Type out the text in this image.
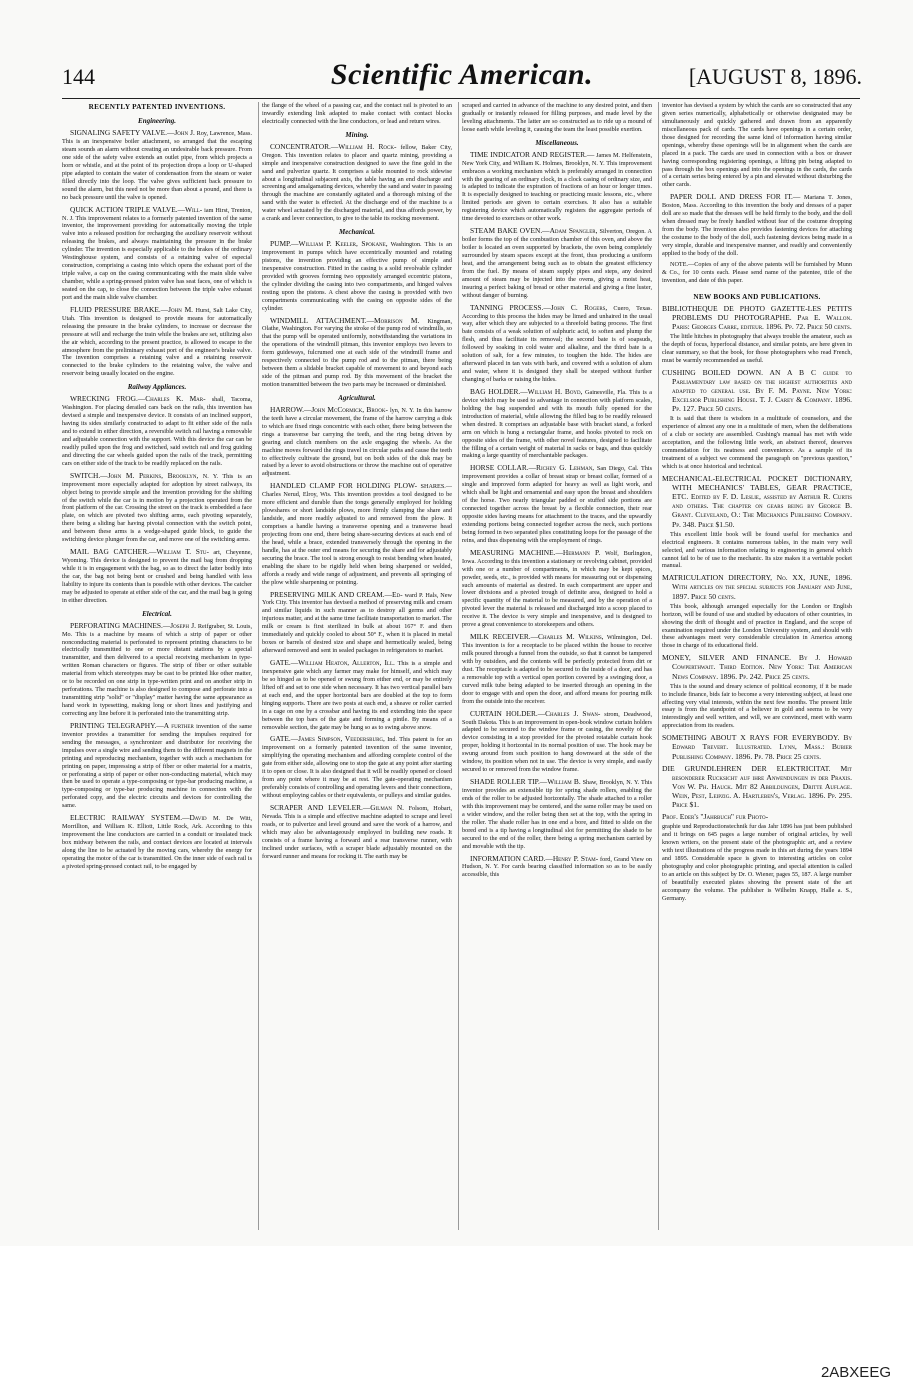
144	Scientific American.	[AUGUST 8, 1896.
RECENTLY PATENTED INVENTIONS.
Engineering.

SIGNALING SAFETY VALVE.—John J. Roy, Lawrence, Mass. This is an inexpensive boiler attachment, so arranged that the escaping steam sounds an alarm without creating an undesirable back pressure. From one side of the safety valve extends an outlet pipe, from which projects a horn or whistle, and at the point of its projection drops a loop or U-shaped pipe adapted to contain the water of condensation from the steam or water filled directly into the loop. The valve gives sufficient back pressure to sound the alarm, but this need not be more than about a pound, and there is no back pressure until the valve is opened.

QUICK ACTION TRIPLE VALVE.—Will- iam Hirst, Trenton, N. J. This improvement relates to a formerly patented invention of the same inventor, the improvement providing for automatically moving the triple valve into a released position for recharging the auxiliary reservoir without releasing the brakes, and always maintaining the pressure in the brake cylinder. The invention is especially applicable to the brakes of the ordinary Westinghouse system, and consists of a retaining valve of especial construction, comprising a casing into which opens the exhaust port of the triple valve, a cap on the casing communicating with the main slide valve chamber, while a spring-pressed piston valve has seat faces, one of which is seated on the cap, to close the connection between the triple valve exhaust port and the main slide valve chamber.

FLUID PRESSURE BRAKE.—John M. Hurst, Salt Lake City, Utah. This invention is designed to provide means for automatically releasing the pressure in the brake cylinders, to increase or decrease the pressure at will and recharge the train while the brakes are set, utilizing also the air which, according to the present practice, is allowed to escape to the atmosphere from the preliminary exhaust port of the engineer's brake valve. The invention comprises a retaining valve and a retaining reservoir connected to the brake cylinders to the retaining valve, the valve and reservoir being usually located on the engine.

Railway Appliances.

WRECKING FROG.—Charles K. Mar- shall, Tacoma, Washington. For placing derailed cars back on the rails, this invention has devised a simple and inexpensive device. It consists of an inclined support, having its sides similarly constructed to adapt to fit either side of the rails and to extend in either direction, a reversible switch rail having a removable and adjustable connection with the support. With this device the car can be readily pulled upon the frog and switched, said switch rail and frog guiding and directing the car wheels guided upon the rails of the track, permitting cars on either side of the track to be readily replaced on the rails.

SWITCH.—John M. Perkins, Brooklyn, N. Y. This is an improvement more especially adapted for adoption by street railways, its object being to provide simple and the invention providing for the shifting of the switch while the car is in motion by a projection operated from the front platform of the car. Crossing the street on the track is embedded a face plate, on which are pivoted two shifting arms, each pivoting separately, there being a sliding bar having pivotal connection with the switch point, and between these arms is a wedge-shaped guide block, to guide the switching device plunger from the car, and move one of the switching arms.

MAIL BAG CATCHER.—William T. Stu- art, Cheyenne, Wyoming. This device is designed to prevent the mail bag from dropping while it is in engagement with the bag, so as to direct the latter bodily into the car, the bag not being bent or crushed and being handled with less liability to injure its contents than is possible with other devices. The catcher may be adjusted to operate at either side of the car, and the mail bag is going in either direction.

Electrical.

PERFORATING MACHINES.—Joseph J. Reifgraber, St. Louis, Mo. This is a machine by means of which a strip of paper or other nonconducting material is perforated to represent printing characters to be electrically transmitted to one or more distant stations by a special transmitter, and then delivered to a special receiving mechanism in type-written Roman characters or figures. The strip of fiber or other suitable material from which stereotypes may be cast to be printed like other matter, or to be recorded on one strip in type-written print and on another strip in perforations. The machine is also designed to compose and perforate into a transmitting strip "solid" or "display" matter having the same appearance as hand work in typesetting, making long or short lines and justifying and correcting any line before it is perforated into the transmitting strip.

PRINTING TELEGRAPHY.—A further invention of the same inventor provides a transmitter for sending the impulses required for sending the messages, a synchronizer and distributor for receiving the impulses over a single wire and sending them to the different magnets in the printing and reproducing mechanism, together with such a mechanism for printing on paper, impressing a strip of fiber or other material for a matrix, or perforating a strip of paper or other non-conducting material, which may then be used to operate a type-composing or type-bar producing machine, a type-composing or type-bar producing machine in connection with the perforated copy, and the electric circuits and devices for controlling the same.

ELECTRIC RAILWAY SYSTEM.—David M. De Witt, Morrillton, and William K. Elliott, Little Rock, Ark. According to this improvement the line conductors are carried in a conduit or insulated track box midway between the rails, and contact devices are located at intervals along the line to be actuated by the moving cars, whereby the energy for operating the motor of the car is transmitted. On the inner side of each rail is a pivoted spring-pressed contact rail, to be engaged by

the flange of the wheel of a passing car, and the contact rail is pivoted to an inwardly extending link adapted to make contact with contact blocks electrically connected with the line conductors, or lead and return wires.

Mining.

CONCENTRATOR.—William H. Rock- fellow, Baker City, Oregon. This invention relates to placer and quartz mining, providing a simple and inexpensive construction designed to save the fine gold in the sand and pulverize quartz. It comprises a table mounted to rock sidewise about a longitudinal subjacent axis, the table having an end discharge and screening and amalgamating devices, whereby the sand and water in passing through the machine are constantly agitated and a thorough mixing of the sand with the water is effected. At the discharge end of the machine is a water wheel actuated by the discharged material, and thus affords power, by a crank and lever connection, to give to the table its rocking movement.

Mechanical.

PUMP.—William P. Keeler, Spokane, Washington. This is an improvement in pumps which have eccentrically mounted and rotating pistons, the invention providing an effective pump of simple and inexpensive construction. Fitted in the casing is a solid revolvable cylinder provided with grooves forming two oppositely arranged eccentric pistons, the cylinder dividing the casing into two compartments, and hinged valves resting upon the pistons. A chest above the casing is provided with two compartments communicating with the casing on opposite sides of the cylinder.

WINDMILL ATTACHMENT.—Morrison M. Kingman, Olathe, Washington. For varying the stroke of the pump rod of windmills, so that the pump will be operated uniformly, notwithstanding the variations in the operations of the windmill pitman, this inventor employs two levers to form guideways, fulcrumed one at each side of the windmill frame and respectively connected to the pump rod and to the pitman, there being between them a slidable bracket capable of movement to and beyond each side of the pitman and pump rod. By this movement of the bracket the motion transmitted between the two parts may be increased or diminished.

Agricultural.

HARROW.—John McCormick, Brook- lyn, N. Y. In this harrow the teeth have a circular movement, the frame of the harrow carrying a disk to which are fixed rings concentric with each other, there being between the rings a transverse bar carrying the teeth, and the ring being driven by gearing and clutch members on the axle engaging the wheels. As the machine moves forward the rings travel in circular paths and cause the teeth to effectively cultivate the ground, but on both sides of the disk may be raised by a lever to avoid obstructions or throw the machine out of operative adjustment.

HANDLED CLAMP FOR HOLDING PLOW- SHARES.—Charles Nerud, Elroy, Wis. This invention provides a tool designed to be more efficient and durable than the tongs generally employed for holding plowshares or short landside plows, more firmly clamping the share and landside, and more readily adjusted to and removed from the plow. It comprises a handle having a transverse opening and a transverse head projecting from one end, there being share-securing devices at each end of the head, while a brace, extended transversely through the opening in the handle, has at the outer end means for securing the share and for adjustably securing the brace. The tool is strong enough to resist bending when heated, enabling the share to be rigidly held when being sharpened or welded, affords a ready and wide range of adjustment, and prevents all springing of the plow while sharpening or pointing.

PRESERVING MILK AND CREAM.—Ed- ward P. Hals, New York City. This inventor has devised a method of preserving milk and cream and similar liquids in such manner as to destroy all germs and other injurious matter, and at the same time facilitate transportation to market. The milk or cream is first sterilized in bulk at about 167° F. and then immediately and quickly cooled to about 50° F., when it is placed in metal boxes or barrels of desired size and shape and hermetically sealed, being afterward removed and sent in sealed packages in refrigerators to market.

GATE.—William Heaton, Allerton, Ill. This is a simple and inexpensive gate which any farmer may make for himself, and which may be so hinged as to be opened or swung from either end, or may be entirely lifted off and set to one side when necessary. It has two vertical parallel bars at each end, and the upper horizontal bars are doubled at the top to form hinging supports. There are two posts at each end, a sheave or roller carried in a cage on one by a crossbar and having its end extending into the space between the top bars of the gate and forming a pintle. By means of a removable section, the gate may be hung so as to swing above snow.

GATE.—James Simpson, Veedersburg, Ind. This patent is for an improvement on a formerly patented invention of the same inventor, simplifying the operating mechanism and affording complete control of the gate from either side, allowing one to stop the gate at any point after starting it to open or close. It is also designed that it will be readily opened or closed from any point where it may be at rest. The gate-operating mechanism preferably consists of controlling and operating levers and their connections, without employing cables or their equivalents, or pulleys and similar guides.

SCRAPER AND LEVELER.—Gilman N. Folsom, Hobart, Nevada. This is a simple and effective machine adapted to scrape and level roads, or to pulverize and level ground and save the work of a harrow, and which may also be advantageously employed in building new roads. It consists of a frame having a forward and a rear transverse runner, with inclined under surfaces, with a scraper blade adjustably mounted on the forward runner and means for rocking it. The earth may be

scraped and carried in advance of the machine to any desired point, and then gradually or instantly released for filling purposes, and made level by the leveling attachments. The latter are so constructed as to ride up a mound of loose earth while leveling it, causing the team the least possible exertion.

Miscellaneous.

TIME INDICATOR AND REGISTER.— James M. Helfenstein, New York City, and William K. Holmes, Brooklyn, N. Y. This improvement embraces a working mechanism which is preferably arranged in connection with the gearing of an ordinary clock, in a clock casing of ordinary size, and is adapted to indicate the expiration of fractions of an hour or longer times. It is especially designed to teaching or practicing music lessons, etc., where limited periods are given to certain exercises. It also has a suitable registering device which automatically registers the aggregate periods of time devoted to exercises or other work.

STEAM BAKE OVEN.—Adam Spangler, Silverton, Oregon. A boiler forms the top of the combustion chamber of this oven, and above the boiler is located an oven supported by brackets, the oven being completely surrounded by steam spaces except at the front, thus producing a uniform heat, and the arrangement being such as to obtain the greatest efficiency from the fuel. By means of steam supply pipes and steps, any desired amount of steam may be injected into the ovens, giving a moist heat, insuring a perfect baking of bread or other material and giving a fine luster, without danger of burning.

TANNING PROCESS.—John C. Rogers, Cuero, Texas. According to this process the hides may be limed and unhaired in the usual way, after which they are subjected to a threefold bating process. The first bate consists of a weak solution of sulphuric acid, to soften and plump the flesh, and thus facilitate its removal; the second bate is of soapsuds, followed by soaking in cold water and alkaline, and the third bate is a solution of salt, for a few minutes, to toughen the hide. The hides are afterward placed in tan vats with bark, and covered with a solution of alum and water, where it is designed they shall be steeped without further changing of barks or raising the hides.

BAG HOLDER.—William H. Boyd, Gainesville, Fla. This is a device which may be used to advantage in connection with platform scales, holding the bag suspended and with its mouth fully opened for the introduction of material, while allowing the filled bag to be readily released when desired. It comprises an adjustable base with bracket stand, a forked arm on which is hung a rectangular frame, and hooks pivoted to rock on opposite sides of the frame, with other novel features, designed to facilitate the filling of a certain weight of material in sacks or bags, and thus quickly making a large quantity of merchantable packages.

HORSE COLLAR.—Richey G. Lehman, San Diego, Cal. This improvement provides a collar of breast strap or breast collar, formed of a single and improved form adapted for heavy as well as light work, and which shall be light and ornamental and easy upon the breast and shoulders of the horse. Two nearly triangular padded or stuffed side portions are connected together across the breast by a flexible connection, their rear opposite sides having means for attachment to the traces, and the upwardly extending portions being connected together across the neck, such portions being formed in two separated plies constituting loops for the passage of the reins, and thus dispensing with the employment of rings.

MEASURING MACHINE.—Hermann P. Wolf, Burlington, Iowa. According to this invention a stationary or revolving cabinet, provided with one or a number of compartments, in which may be kept spices, powder, seeds, etc., is provided with means for measuring out or dispensing such amounts of material as desired. In each compartment are upper and lower divisions and a pivoted trough of definite area, designed to hold a specific quantity of the material to be measured, and by the operation of a pivoted lever the material is released and discharged into a scoop placed to receive it. The device is very simple and inexpensive, and is designed to prove a great convenience to storekeepers and others.

MILK RECEIVER.—Charles M. Wilkins, Wilmington, Del. This invention is for a receptacle to be placed within the house to receive milk poured through a funnel from the outside, so that it cannot be tampered with by outsiders, and the contents will be perfectly protected from dirt or dust. The receptacle is adapted to be secured to the inside of a door, and has a removable top with a vertical open portion covered by a swinging door, a curved milk tube being adapted to be inserted through an opening in the door to engage with and open the door, and afford means for pouring milk from the outside into the receiver.

CURTAIN HOLDER.—Charles J. Swan- strom, Deadwood, South Dakota. This is an improvement in open-book window curtain holders adapted to be secured to the window frame or casing, the novelty of the device consisting in a stop provided for the pivoted rotatable curtain hook proper, holding it horizontal in its normal position of use. The hook may be swung around from such position to hang downward at the side of the window, its position when not in use. The device is very simple, and easily secured to or removed from the window frame.

SHADE ROLLER TIP.—William B. Shaw, Brooklyn, N. Y. This inventor provides an extensible tip for spring shade rollers, enabling the ends of the roller to be adjusted horizontally. The shade attached to a roller with this improvement may be centered, and the same roller may be used on a wider window, and the roller being then set at the top, with the spring in the roller. The shade roller has in one end a bore, and fitted to slide on the bored end is a tip having a longitudinal slot for permitting the shade to be secured to the end of the roller, there being a spring mechanism carried by and movable with the tip.

INFORMATION CARD.—Henry P. Stam- ford, Grand View on Hudson, N. Y. For cards bearing classified information so as to be easily accessible, this

inventor has devised a system by which the cards are so constructed that any given series numerically, alphabetically or otherwise designated may be simultaneously and quickly gathered and drawn from an apparently miscellaneous pack of cards. The cards have openings in a certain order, those designed for recording the same kind of information having similar openings, whereby these openings will be in alignment when the cards are placed in a pack. The cards are used in connection with a box or drawer having corresponding registering openings, a lifting pin being adapted to pass through the box openings and into the openings in the cards, the cards of a certain series being entered by a pin and elevated without disturbing the other cards.

PAPER DOLL AND DRESS FOR IT.— Mariana T. Jones, Boston, Mass. According to this invention the body and dresses of a paper doll are so made that the dresses will be held firmly to the body, and the doll when dressed may be freely handled without fear of the costume dropping from the body. The invention also provides fastening devices for attaching the costume to the body of the doll, such fastening devices being made in a very simple, durable and inexpensive manner, and readily and conveniently applied to the body of the doll.

NOTE.—Copies of any of the above patents will be furnished by Munn & Co., for 10 cents each. Please send name of the patentee, title of the invention, and date of this paper.

NEW BOOKS AND PUBLICATIONS.
BIBLIOTHEQUE DE PHOTO GAZETTE-LES PETITS PROBLEMS DU PHOTOGRAPHE. Par E. Wallon. Paris: Georges Carre, editeur. 1896. Pp. 72. Price 50 cents.
The little hitches in photography that always trouble the amateur, such as the depth of focus, hyperfocal distance, and similar points, are here given in clear summary, so that the book, for those photographers who read French, must be warmly recommended as useful.
CUSHING BOILED DOWN. AN A B C guide to Parliamentary law based on the highest authorities and adapted to general use. By F. M. Payne. New York: Excelsior Publishing House. T. J. Carey & Company. 1896. Pp. 127. Price 50 cents.
It is said that there is wisdom in a multitude of counselors, and the experience of almost any one in a multitude of men, when the deliberations of a club or society are assembled. Cushing's manual has met with wide acceptation, and the following little work, an abstract thereof, deserves commendation for its neatness and convenience. As a sample of its treatment of a subject we commend the paragraph on "previous question," which is at once historical and technical.
MECHANICAL-ELECTRICAL POCKET DICTIONARY, WITH MECHANICS' TABLES, GEAR PRACTICE, ETC. Edited by F. D. Leslie, assisted by Arthur R. Curtis and others. The chapter on gears being by George B. Grant. Cleveland, O.: The Mechanics Publishing Company. Pp. 348. Price $1.50.
This excellent little book will be found useful for mechanics and electrical engineers. It contains numerous tables, in the main very well selected, and various information relating to engineering in general which cannot fail to be of use to the mechanic. Its size makes it a veritable pocket manual.
MATRICULATION DIRECTORY, No. XX, JUNE, 1896. With articles on the special subjects for January and June, 1897. Price 50 cents.
This book, although arranged especially for the London or English horizon, will be found of use and studied by educators of other countries, in showing the drift of thought and of practice in England, and the scope of examination required under the London University system, and should with these advantages meet very considerable circulation in America among those in charge of its educational field.
MONEY, SILVER AND FINANCE. By J. Howard Cowperthwait. Third Edition. New York: The American News Company. 1896. Pp. 242. Price 25 cents.
This is the sound and dreary science of political economy, if it be made to include finance, bids fair to become a very interesting subject, at least one affecting very vital interests, within the next few months. The present little essay is from the standpoint of a believer in gold and seems to be very interestingly and well written, and will, we are convinced, meet with warm appreciation from its readers.
SOMETHING ABOUT X RAYS FOR EVERYBODY. By Edward Trevert. Illustrated. Lynn, Mass.: Bubier Publishing Company. 1896. Pp. 78. Price 25 cents.
DIE GRUNDLEHREN DER ELEKTRICITAT. Mit besonderer Rucksicht auf ihre Anwendungen in der Praxis. Von W. Ph. Hauck. Mit 82 Abbildungen, Dritte Auflage. Wein, Pest, Leipzig. A. Hartleben's, Verlag. 1896. Pp. 295. Price $1.
Prof. Eder's "Jahrbuch" fur Photo-
graphie und Reproductionstechnik fur das Jahr 1896 has just been published and it brings on 645 pages a large number of original articles, by well known writers, on the present state of the photographic art, and a review with text illustrations of the progress made in this art during the years 1894 and 1895. Considerable space is given to interesting articles on color photography and color photographic printing, and special attention is called to an article on this subject by Dr. O. Wiener, pages 55, 187. A large number of beautifully executed plates showing the present state of the art accompany the volume. The publisher is Wilhelm Knapp, Halle a. S., Germany.
2ABXEEG
